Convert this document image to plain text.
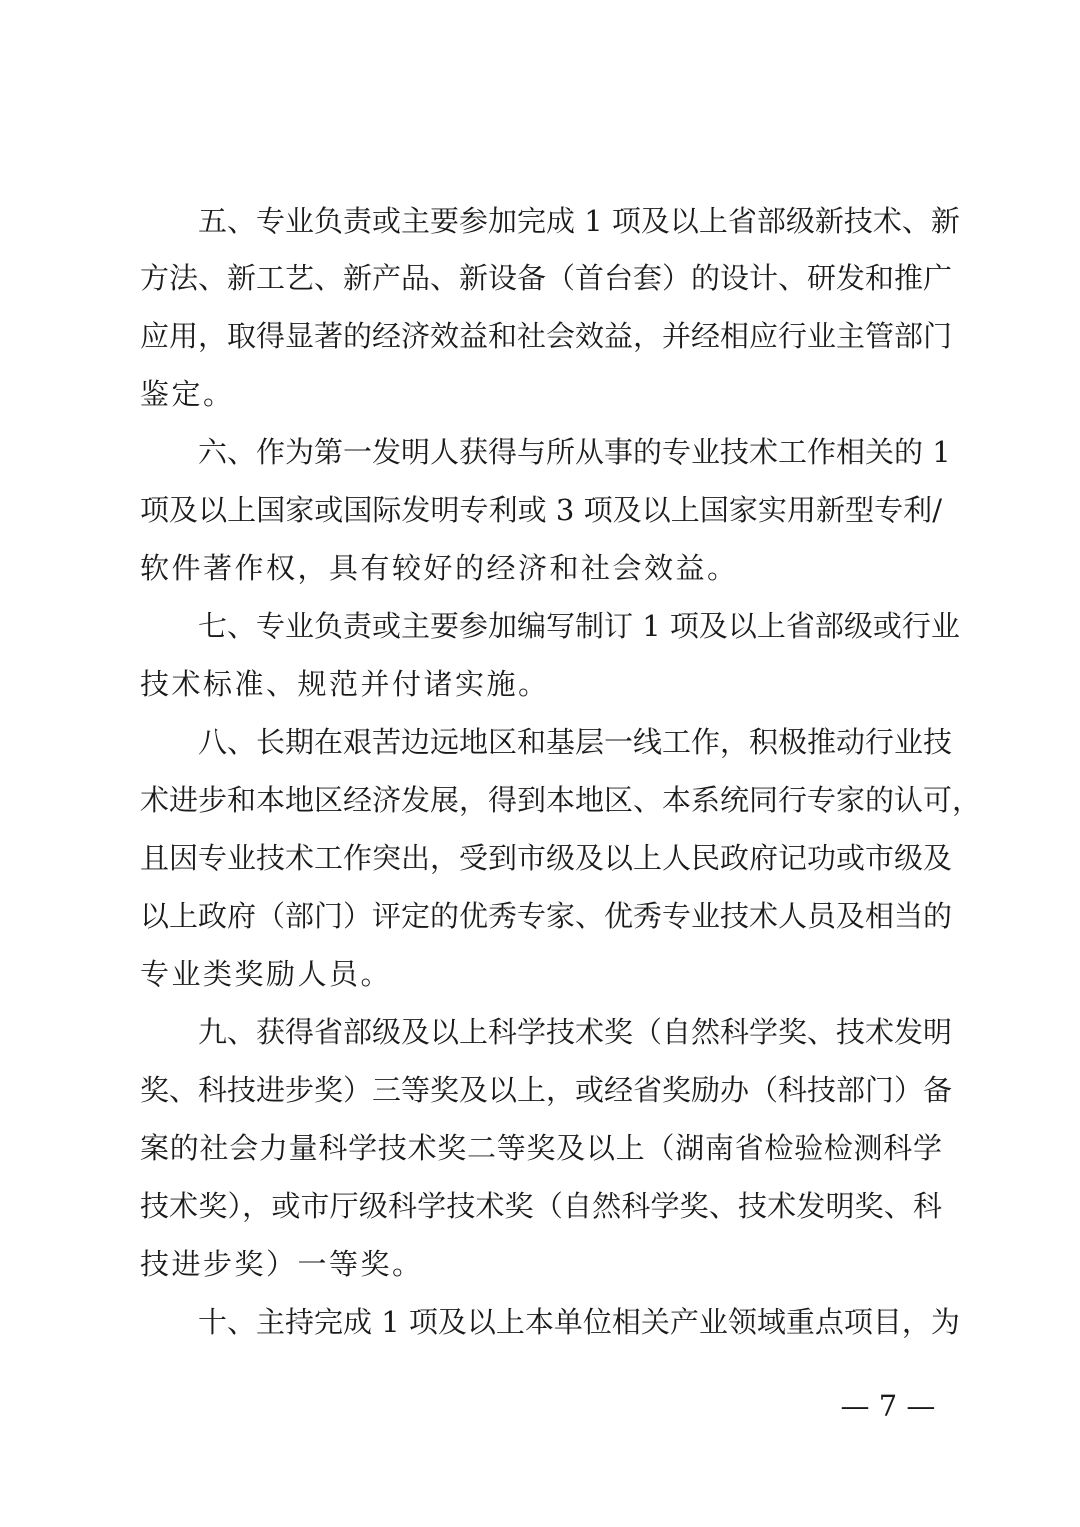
五、专业负责或主要参加完成 1 项及以上省部级新技术、新
方法、新工艺、新产品、新设备（首台套）的设计、研发和推广
应用，取得显著的经济效益和社会效益，并经相应行业主管部门
鉴定。
六、作为第一发明人获得与所从事的专业技术工作相关的 1
项及以上国家或国际发明专利或 3 项及以上国家实用新型专利/
软件著作权，具有较好的经济和社会效益。
七、专业负责或主要参加编写制订 1 项及以上省部级或行业
技术标准、规范并付诸实施。
八、长期在艰苦边远地区和基层一线工作，积极推动行业技
术进步和本地区经济发展，得到本地区、本系统同行专家的认可，
且因专业技术工作突出，受到市级及以上人民政府记功或市级及
以上政府（部门）评定的优秀专家、优秀专业技术人员及相当的
专业类奖励人员。
九、获得省部级及以上科学技术奖（自然科学奖、技术发明
奖、科技进步奖）三等奖及以上，或经省奖励办（科技部门）备
案的社会力量科学技术奖二等奖及以上（湖南省检验检测科学
技术奖），或市厅级科学技术奖（自然科学奖、技术发明奖、科
技进步奖）一等奖。
十、主持完成 1 项及以上本单位相关产业领域重点项目，为
— 7 —
